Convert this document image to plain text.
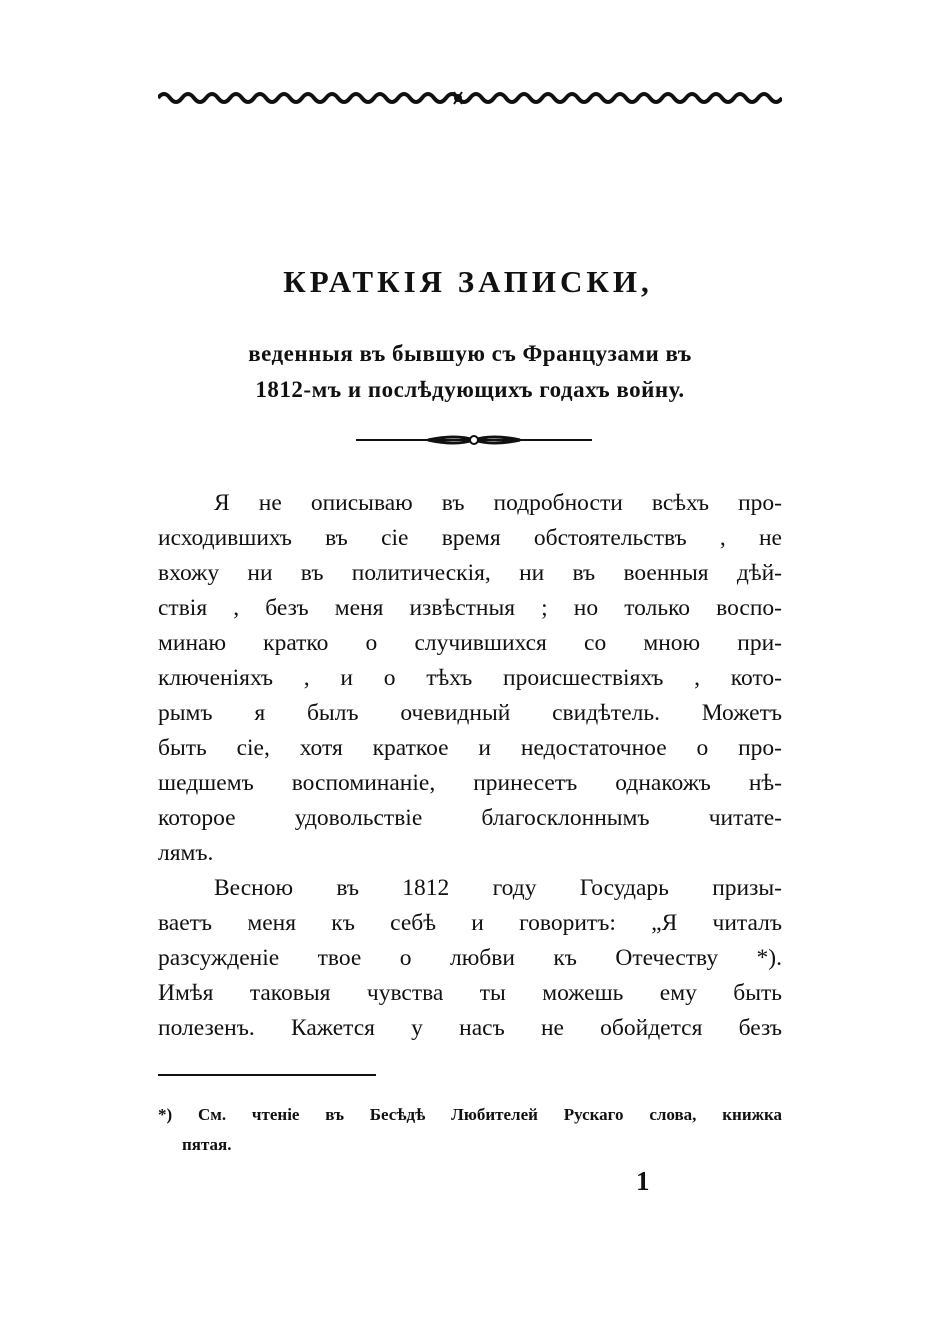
КРАТКІЯ ЗАПИСКИ,
веденныя въ бывшую съ Французами въ
1812-мъ и послѣдующихъ годахъ войну.
Я не описываю въ подробности всѣхъ про-
исходившихъ въ сіе время обстоятельствъ , не
вхожу ни въ политическія, ни въ военныя дѣй-
ствія , безъ меня извѣстныя ; но только воспо-
минаю кратко о случившихся со мною при-
ключеніяхъ , и о тѣхъ происшествіяхъ , кото-
рымъ я былъ очевидный свидѣтель. Можетъ
быть сіе, хотя краткое и недостаточное о про-
шедшемъ воспоминаніе, принесетъ однакожъ нѣ-
которое удовольствіе благосклоннымъ читате-
лямъ.
Весною въ 1812 году Государь призы-
ваетъ меня къ себѣ и говоритъ: „Я читалъ
разсужденіе твое о любви къ Отечеству *).
Имѣя таковыя чувства ты можешь ему быть
полезенъ. Кажется у насъ не обойдется безъ
*) См. чтеніе въ Бесѣдѣ Любителей Рускаго слова, книжка
пятая.
1
